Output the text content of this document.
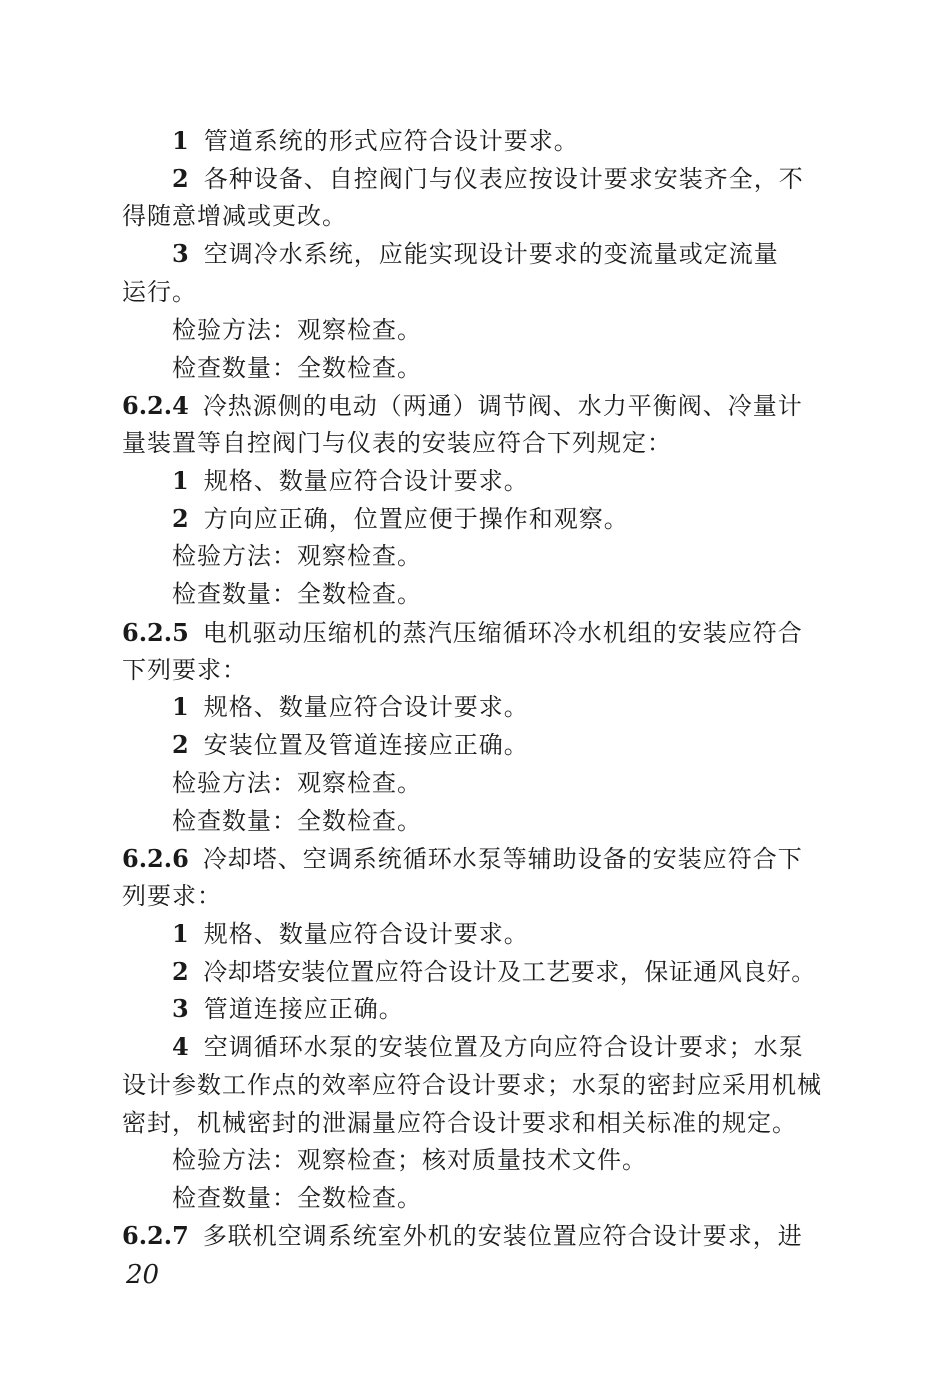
1 管道系统的形式应符合设计要求。
2 各种设备、自控阀门与仪表应按设计要求安装齐全，不
得随意增减或更改。
3 空调冷水系统，应能实现设计要求的变流量或定流量
运行。
检验方法：观察检查。
检查数量：全数检查。
6.2.4 冷热源侧的电动（两通）调节阀、水力平衡阀、冷量计
量装置等自控阀门与仪表的安装应符合下列规定：
1 规格、数量应符合设计要求。
2 方向应正确，位置应便于操作和观察。
检验方法：观察检查。
检查数量：全数检查。
6.2.5 电机驱动压缩机的蒸汽压缩循环冷水机组的安装应符合
下列要求：
1 规格、数量应符合设计要求。
2 安装位置及管道连接应正确。
检验方法：观察检查。
检查数量：全数检查。
6.2.6 冷却塔、空调系统循环水泵等辅助设备的安装应符合下
列要求：
1 规格、数量应符合设计要求。
2 冷却塔安装位置应符合设计及工艺要求，保证通风良好。
3 管道连接应正确。
4 空调循环水泵的安装位置及方向应符合设计要求；水泵
设计参数工作点的效率应符合设计要求；水泵的密封应采用机械
密封，机械密封的泄漏量应符合设计要求和相关标准的规定。
检验方法：观察检查；核对质量技术文件。
检查数量：全数检查。
6.2.7 多联机空调系统室外机的安装位置应符合设计要求，进
20
